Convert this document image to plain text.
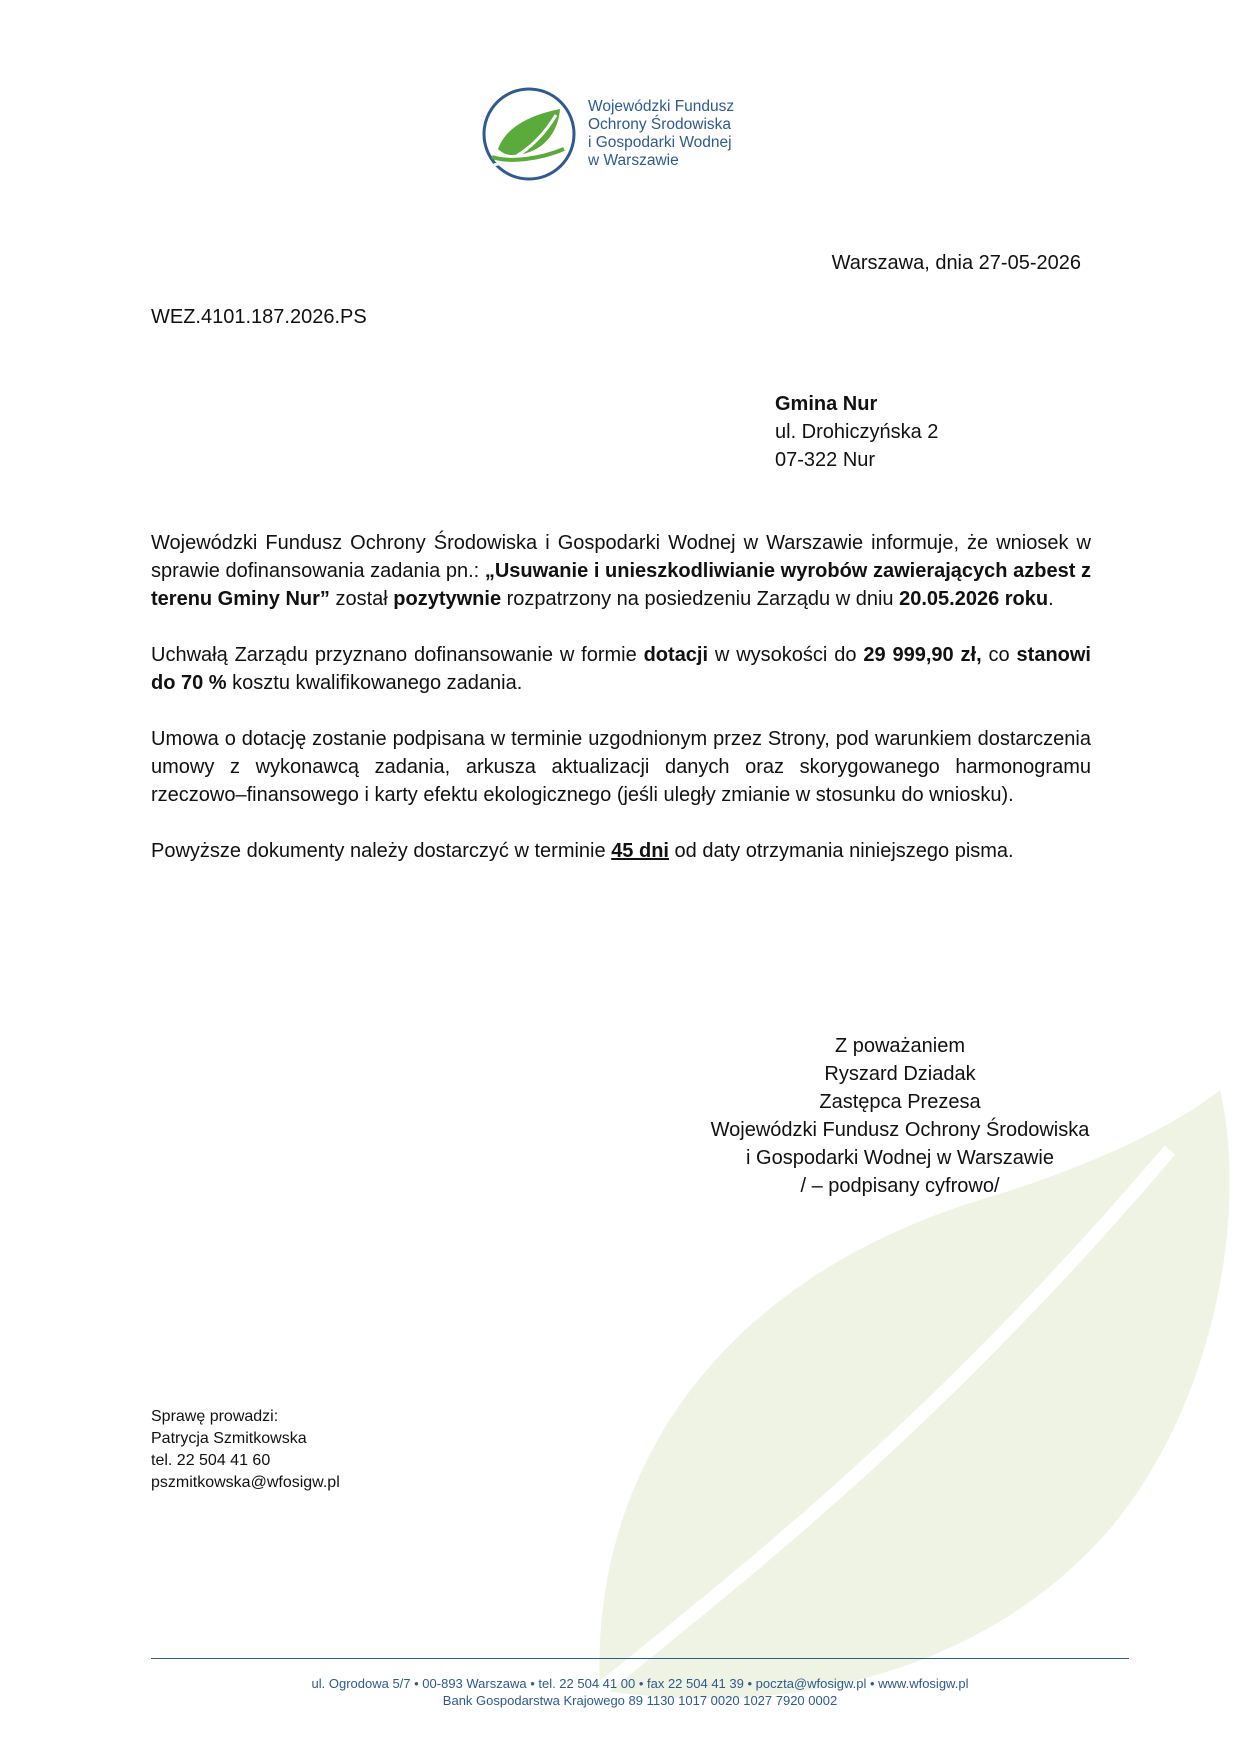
Wojewódzki Fundusz
Ochrony Środowiska
i Gospodarki Wodnej
w Warszawie
Warszawa, dnia 27-05-2026
WEZ.4101.187.2026.PS
Gmina Nur
ul. Drohiczyńska 2
07-322 Nur

Wojewódzki Fundusz Ochrony Środowiska i Gospodarki Wodnej w Warszawie informuje, że wniosek w sprawie dofinansowania zadania pn.: „Usuwanie i unieszkodliwianie wyrobów zawierających azbest z terenu Gminy Nur” został pozytywnie rozpatrzony na posiedzeniu Zarządu w dniu 20.05.2026 roku.

Uchwałą Zarządu przyznano dofinansowanie w formie dotacji w wysokości do 29 999,90 zł, co stanowi do 70 % kosztu kwalifikowanego zadania.

Umowa o dotację zostanie podpisana w terminie uzgodnionym przez Strony, pod warunkiem dostarczenia umowy z wykonawcą zadania, arkusza aktualizacji danych oraz skorygowanego harmonogramu rzeczowo–finansowego i karty efektu ekologicznego (jeśli uległy zmianie w stosunku do wniosku).

Powyższe dokumenty należy dostarczyć w terminie 45 dni od daty otrzymania niniejszego pisma.

Z poważaniem
Ryszard Dziadak
Zastępca Prezesa
Wojewódzki Fundusz Ochrony Środowiska
i Gospodarki Wodnej w Warszawie
/ – podpisany cyfrowo/
Sprawę prowadzi:
Patrycja Szmitkowska
tel. 22 504 41 60
pszmitkowska@wfosigw.pl
ul. Ogrodowa 5/7 • 00-893 Warszawa • tel. 22 504 41 00 • fax 22 504 41 39 • poczta@wfosigw.pl • www.wfosigw.pl
Bank Gospodarstwa Krajowego 89 1130 1017 0020 1027 7920 0002
